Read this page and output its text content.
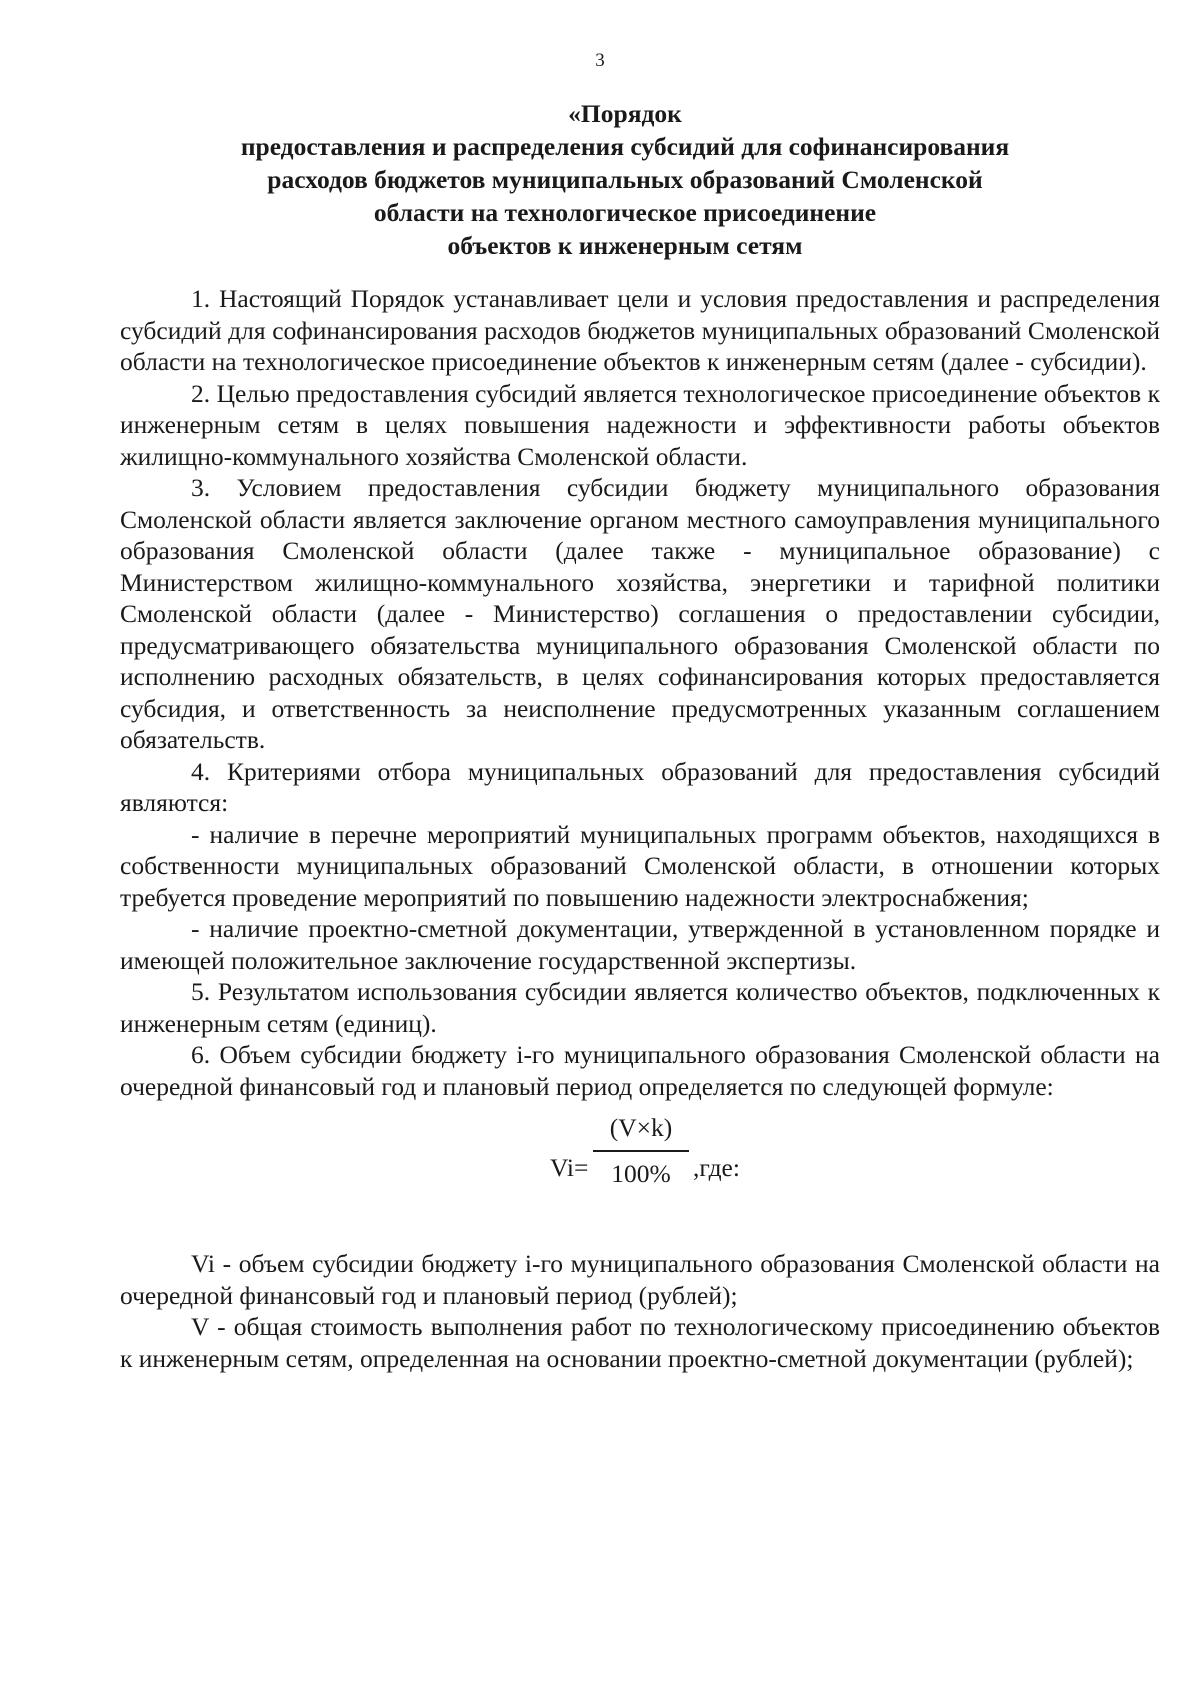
3
«Порядок
предоставления и распределения субсидий для софинансирования
расходов бюджетов муниципальных образований Смоленской
области на технологическое присоединение
объектов к инженерным сетям

1. Настоящий Порядок устанавливает цели и условия предоставления и распределения субсидий для софинансирования расходов бюджетов муниципальных образований Смоленской области на технологическое присоединение объектов к инженерным сетям (далее - субсидии).

2. Целью предоставления субсидий является технологическое присоединение объектов к инженерным сетям в целях повышения надежности и эффективности работы объектов жилищно-коммунального хозяйства Смоленской области.

3. Условием предоставления субсидии бюджету муниципального образования Смоленской области является заключение органом местного самоуправления муниципального образования Смоленской области (далее также - муниципальное образование) с Министерством жилищно-коммунального хозяйства, энергетики и тарифной политики Смоленской области (далее - Министерство) соглашения о предоставлении субсидии, предусматривающего обязательства муниципального образования Смоленской области по исполнению расходных обязательств, в целях софинансирования которых предоставляется субсидия, и ответственность за неисполнение предусмотренных указанным соглашением обязательств.

4. Критериями отбора муниципальных образований для предоставления субсидий являются:

- наличие в перечне мероприятий муниципальных программ объектов, находящихся в собственности муниципальных образований Смоленской области, в отношении которых требуется проведение мероприятий по повышению надежности электроснабжения;

- наличие проектно-сметной документации, утвержденной в установленном порядке и имеющей положительное заключение государственной экспертизы.

5. Результатом использования субсидии является количество объектов, подключенных к инженерным сетям (единиц).

6. Объем субсидии бюджету i-го муниципального образования Смоленской области на очередной финансовый год и плановый период определяется по следующей формуле:

Vi=
(V×k)
100% ,где:

Vi - объем субсидии бюджету i-го муниципального образования Смоленской области на очередной финансовый год и плановый период (рублей);

V - общая стоимость выполнения работ по технологическому присоединению объектов к инженерным сетям, определенная на основании проектно-сметной документации (рублей);
